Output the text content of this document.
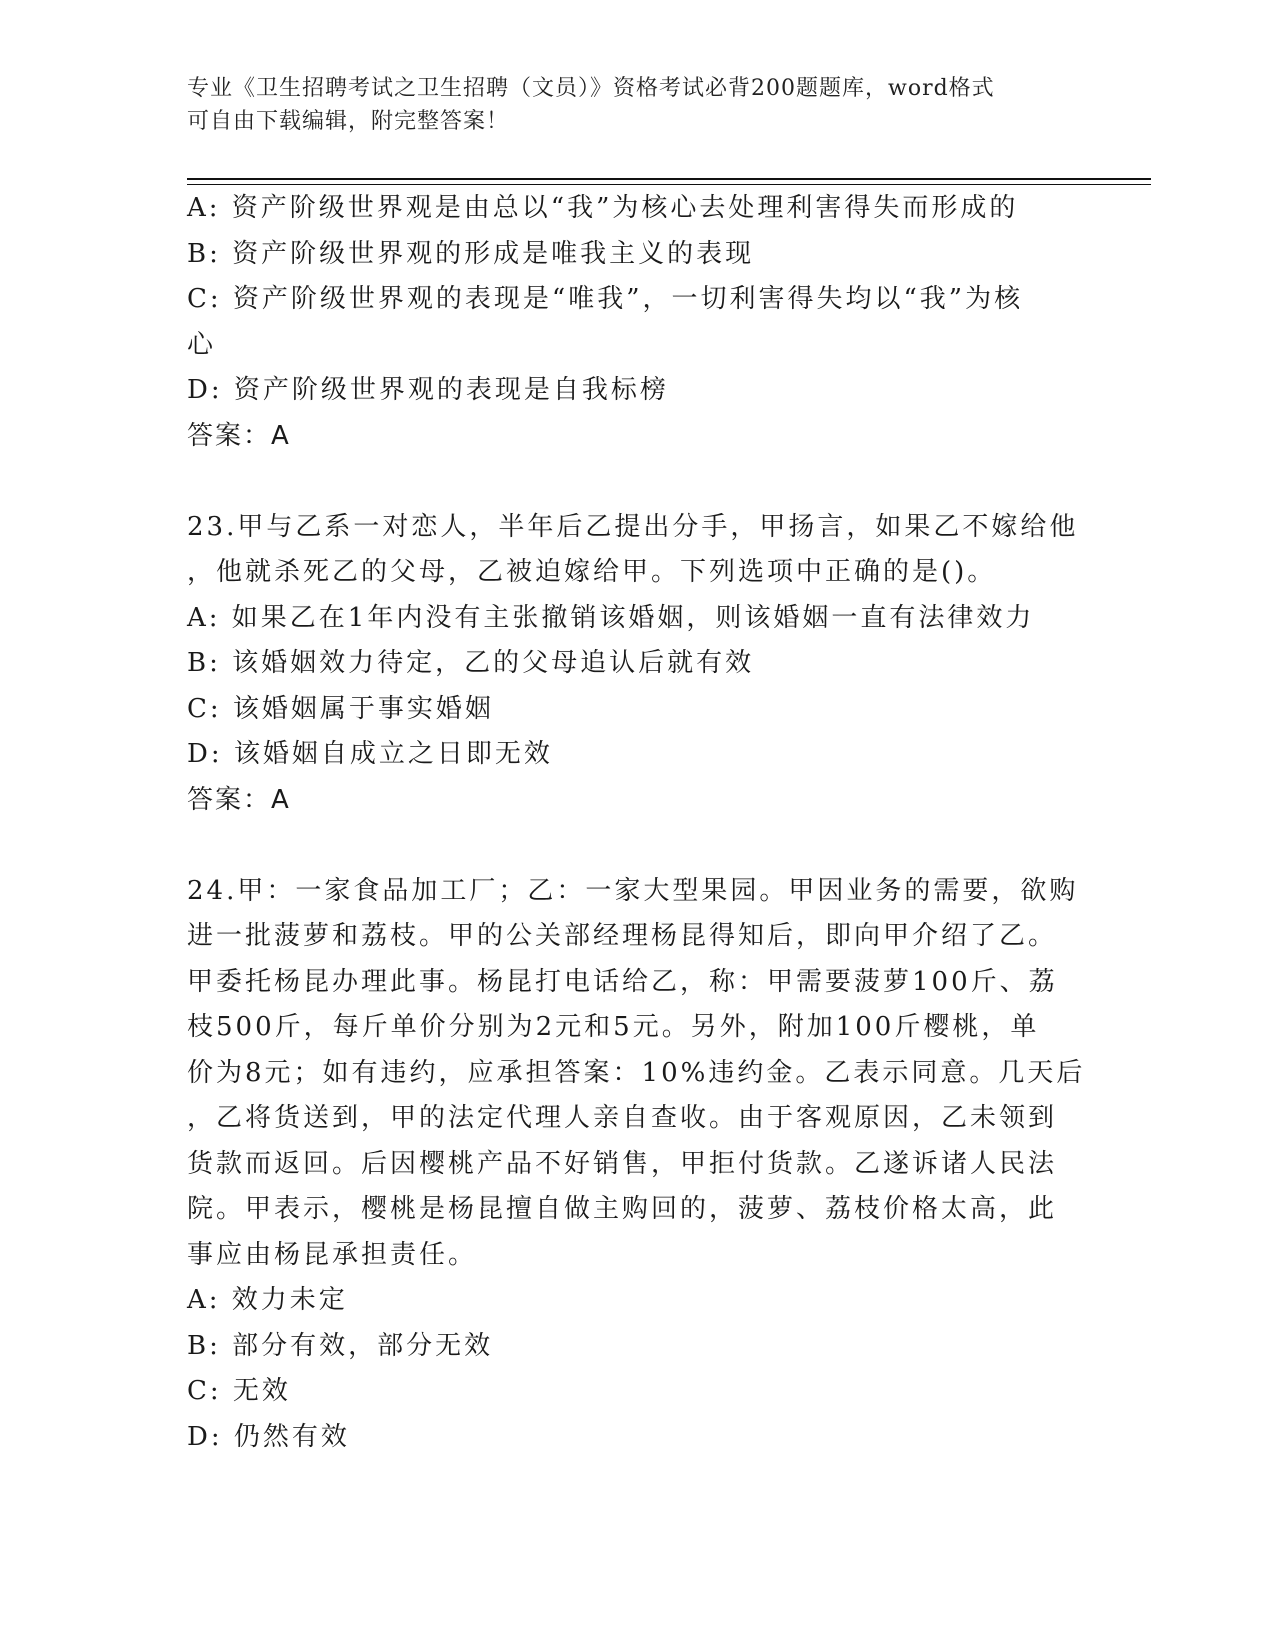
专业《卫生招聘考试之卫生招聘（文员）》资格考试必背200题题库，word格式
可自由下载编辑，附完整答案！
A: 资产阶级世界观是由总以“我”为核心去处理利害得失而形成的
B: 资产阶级世界观的形成是唯我主义的表现
C: 资产阶级世界观的表现是“唯我”，一切利害得失均以“我”为核
心
D: 资产阶级世界观的表现是自我标榜
答案：A
23.甲与乙系一对恋人，半年后乙提出分手，甲扬言，如果乙不嫁给他
，他就杀死乙的父母，乙被迫嫁给甲。下列选项中正确的是()。
A: 如果乙在1年内没有主张撤销该婚姻，则该婚姻一直有法律效力
B: 该婚姻效力待定，乙的父母追认后就有效
C: 该婚姻属于事实婚姻
D: 该婚姻自成立之日即无效
答案：A
24.甲：一家食品加工厂；乙：一家大型果园。甲因业务的需要，欲购
进一批菠萝和荔枝。甲的公关部经理杨昆得知后，即向甲介绍了乙。
甲委托杨昆办理此事。杨昆打电话给乙，称：甲需要菠萝100斤、荔
枝500斤，每斤单价分别为2元和5元。另外，附加100斤樱桃，单
价为8元；如有违约，应承担答案：10%违约金。乙表示同意。几天后
，乙将货送到，甲的法定代理人亲自查收。由于客观原因，乙未领到
货款而返回。后因樱桃产品不好销售，甲拒付货款。乙遂诉诸人民法
院。甲表示，樱桃是杨昆擅自做主购回的，菠萝、荔枝价格太高，此
事应由杨昆承担责任。
A: 效力未定
B: 部分有效，部分无效
C: 无效
D: 仍然有效
